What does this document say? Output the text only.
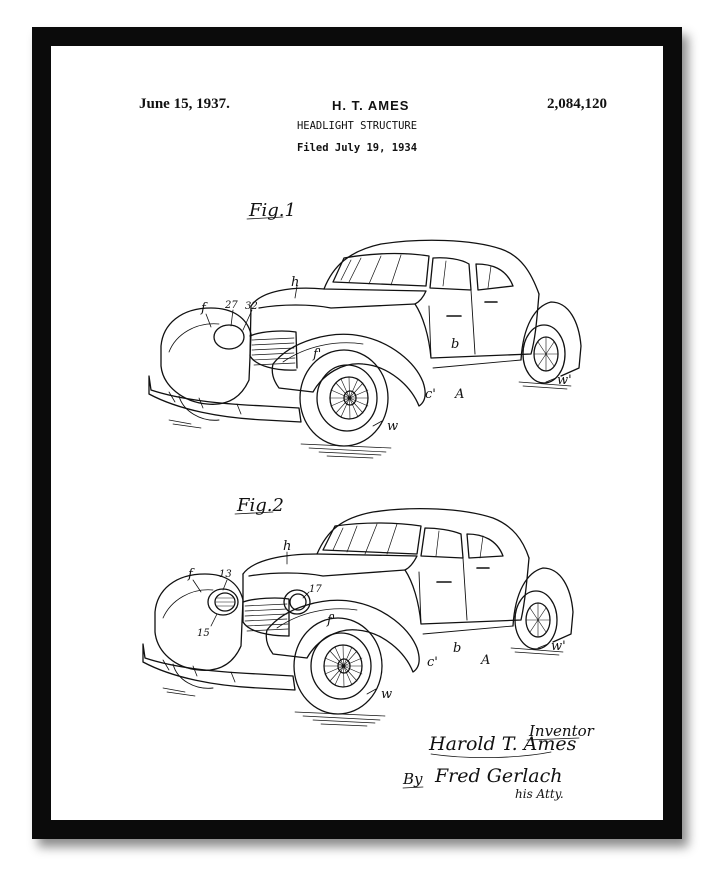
June 15, 1937.	H. T. AMES	2,084,120
HEADLIGHT STRUCTURE
Filed July 19, 1934
Fig.1
h
f 27 32
f'
b
c' A
w
w'
Fig.2
h
f	13
15
17
f'
b
c'	A
w
w'
Inventor
Harold T. Ames
By Fred Gerlach
his Atty.
